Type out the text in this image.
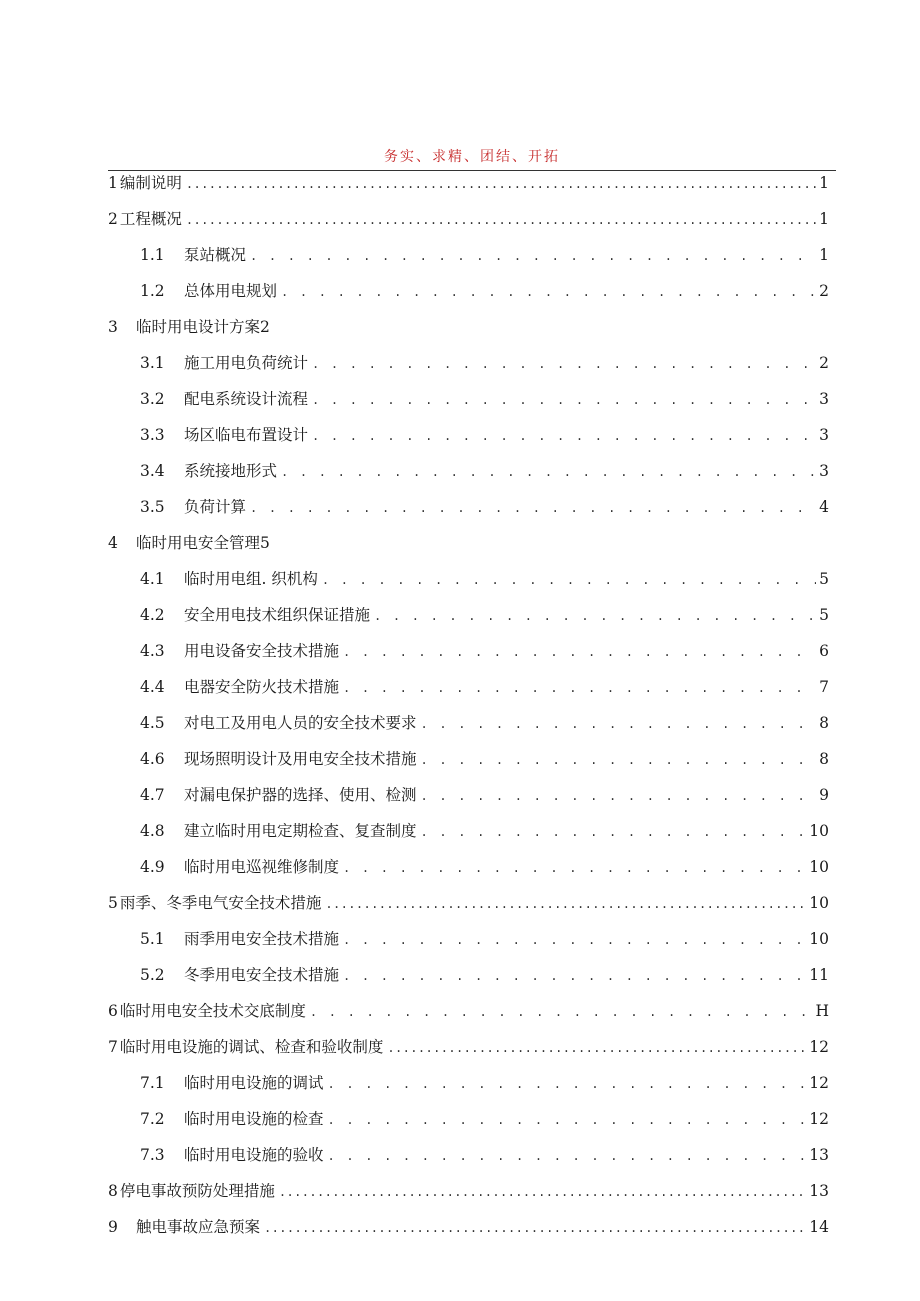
务实、求精、团结、开拓
1 编制说明 .....	1
2 工程概况 .....	1
1.1	泵站概况 . . .	1
1.2	总体用电规划 . . .	2
3	临时用电设计方案2
3.1	施工用电负荷统计 . . .	2
3.2	配电系统设计流程 . . .	3
3.3	场区临电布置设计 . . .	3
3.4	系统接地形式 . . .	3
3.5	负荷计算 . . .	4
4	临时用电安全管理5
4.1	临时用电组. 织机构 . . .	5
4.2	安全用电技术组织保证措施 . . .	5
4.3	用电设备安全技术措施 . . .	6
4.4	电器安全防火技术措施 . . .	7
4.5	对电工及用电人员的安全技术要求 . . .	8
4.6	现场照明设计及用电安全技术措施 . . .	8
4.7	对漏电保护器的选择、使用、检测 . . .	9
4.8	建立临时用电定期检查、复查制度 . . .	10
4.9	临时用电巡视维修制度 . . .	10
5 雨季、冬季电气安全技术措施 .....	10
5.1	雨季用电安全技术措施 . . .	10
5.2	冬季用电安全技术措施 . . .	11
6 临时用电安全技术交底制度 . . .	H
7 临时用电设施的调试、检查和验收制度 .....	12
7.1	临时用电设施的调试 . . .	12
7.2	临时用电设施的检查 . . .	12
7.3	临时用电设施的验收 . . .	13
8 停电事故预防处理措施 .....	13
9	触电事故应急预案 .....	14
